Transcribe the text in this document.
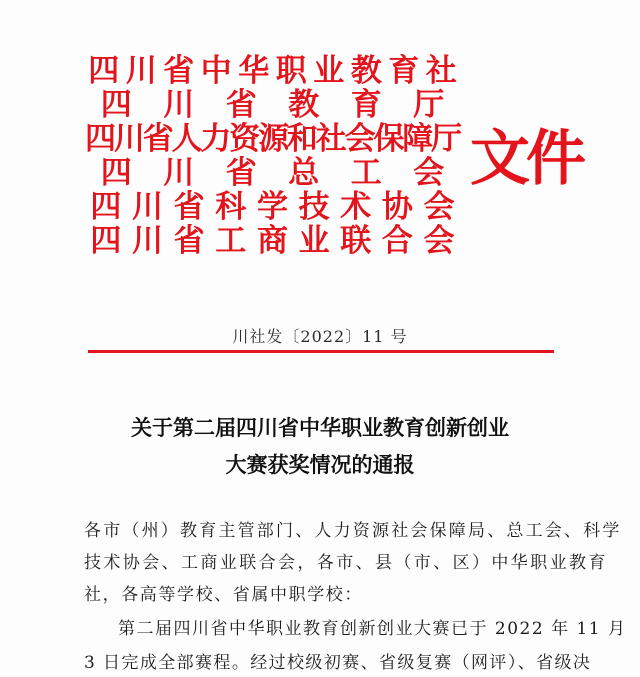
四 川 省 中 华 职 业 教 育 社
四 川 省 教 育 厅
四川省人力资源和社会保障厅
四 川 省 总 工 会
四 川 省 科 学 技 术 协 会
四 川 省 工 商 业 联 合 会
文件
川社发〔2022〕11 号
关于第二届四川省中华职业教育创新创业
大赛获奖情况的通报
各市（州）教育主管部门、人力资源社会保障局、总工会、科学
技术协会、工商业联合会，各市、县（市、区）中华职业教育
社，各高等学校、省属中职学校：
第二届四川省中华职业教育创新创业大赛已于 2022 年 11 月
3 日完成全部赛程。经过校级初赛、省级复赛（网评）、省级决
